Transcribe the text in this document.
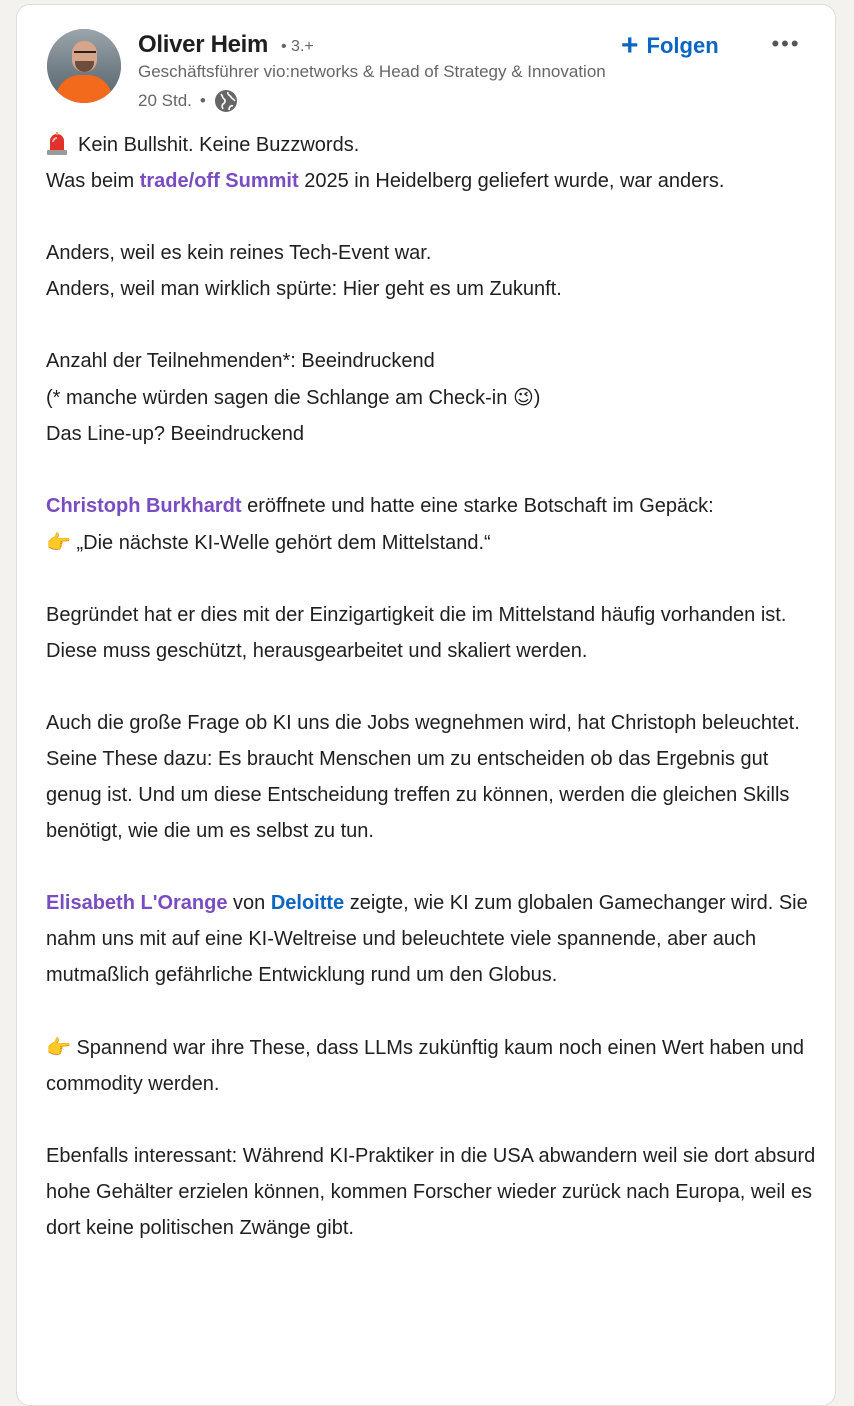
Oliver Heim • 3.+
Geschäftsführer vio:networks & Head of Strategy & Innovation
20 Std. •
+ Folgen •••

Kein Bullshit. Keine Buzzwords.

Was beim trade/off Summit 2025 in Heidelberg geliefert wurde, war anders.

Anders, weil es kein reines Tech-Event war.

Anders, weil man wirklich spürte: Hier geht es um Zukunft.

Anzahl der Teilnehmenden*: Beeindruckend

(* manche würden sagen die Schlange am Check-in 😉)

Das Line-up? Beeindruckend

Christoph Burkhardt eröffnete und hatte eine starke Botschaft im Gepäck:

👉 „Die nächste KI-Welle gehört dem Mittelstand.“

Begründet hat er dies mit der Einzigartigkeit die im Mittelstand häufig vorhanden ist. Diese muss geschützt, herausgearbeitet und skaliert werden.

Auch die große Frage ob KI uns die Jobs wegnehmen wird, hat Christoph beleuchtet. Seine These dazu: Es braucht Menschen um zu entscheiden ob das Ergebnis gut genug ist. Und um diese Entscheidung treffen zu können, werden die gleichen Skills benötigt, wie die um es selbst zu tun.

Elisabeth L'Orange von Deloitte zeigte, wie KI zum globalen Gamechanger wird. Sie nahm uns mit auf eine KI-Weltreise und beleuchtete viele spannende, aber auch mutmaßlich gefährliche Entwicklung rund um den Globus.

👉 Spannend war ihre These, dass LLMs zukünftig kaum noch einen Wert haben und commodity werden.

Ebenfalls interessant: Während KI-Praktiker in die USA abwandern weil sie dort absurd hohe Gehälter erzielen können, kommen Forscher wieder zurück nach Europa, weil es dort keine politischen Zwänge gibt.
